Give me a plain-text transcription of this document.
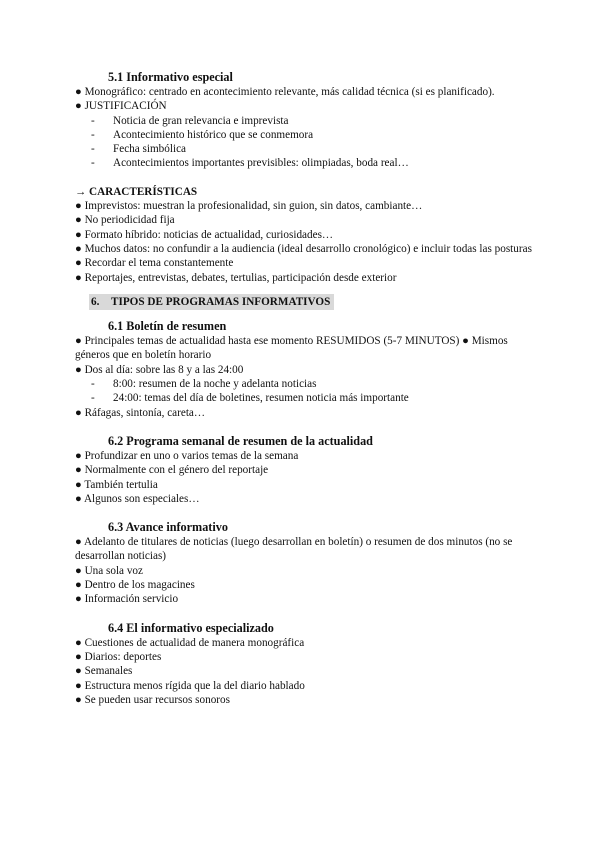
5.1 Informativo especial

● Monográfico: centrado en acontecimiento relevante, más calidad técnica (si es planificado).

● JUSTIFICACIÓN

- Noticia de gran relevancia e imprevista

- Acontecimiento histórico que se conmemora

- Fecha simbólica

- Acontecimientos importantes previsibles: olimpiadas, boda real…

→ CARACTERÍSTICAS

● Imprevistos: muestran la profesionalidad, sin guion, sin datos, cambiante…

● No periodicidad fija

● Formato híbrido: noticias de actualidad, curiosidades…

● Muchos datos: no confundir a la audiencia (ideal desarrollo cronológico) e incluir todas las posturas

● Recordar el tema constantemente

● Reportajes, entrevistas, debates, tertulias, participación desde exterior

6. TIPOS DE PROGRAMAS INFORMATIVOS
6.1 Boletín de resumen

● Principales temas de actualidad hasta ese momento RESUMIDOS (5-7 MINUTOS) ● Mismos géneros que en boletín horario

● Dos al día: sobre las 8 y a las 24:00

- 8:00: resumen de la noche y adelanta noticias

- 24:00: temas del día de boletines, resumen noticia más importante

● Ráfagas, sintonía, careta…

6.2 Programa semanal de resumen de la actualidad

● Profundizar en uno o varios temas de la semana

● Normalmente con el género del reportaje

● También tertulia

● Algunos son especiales…

6.3 Avance informativo

● Adelanto de titulares de noticias (luego desarrollan en boletín) o resumen de dos minutos (no se desarrollan noticias)

● Una sola voz

● Dentro de los magacines

● Información servicio

6.4 El informativo especializado

● Cuestiones de actualidad de manera monográfica

● Diarios: deportes

● Semanales

● Estructura menos rígida que la del diario hablado

● Se pueden usar recursos sonoros
